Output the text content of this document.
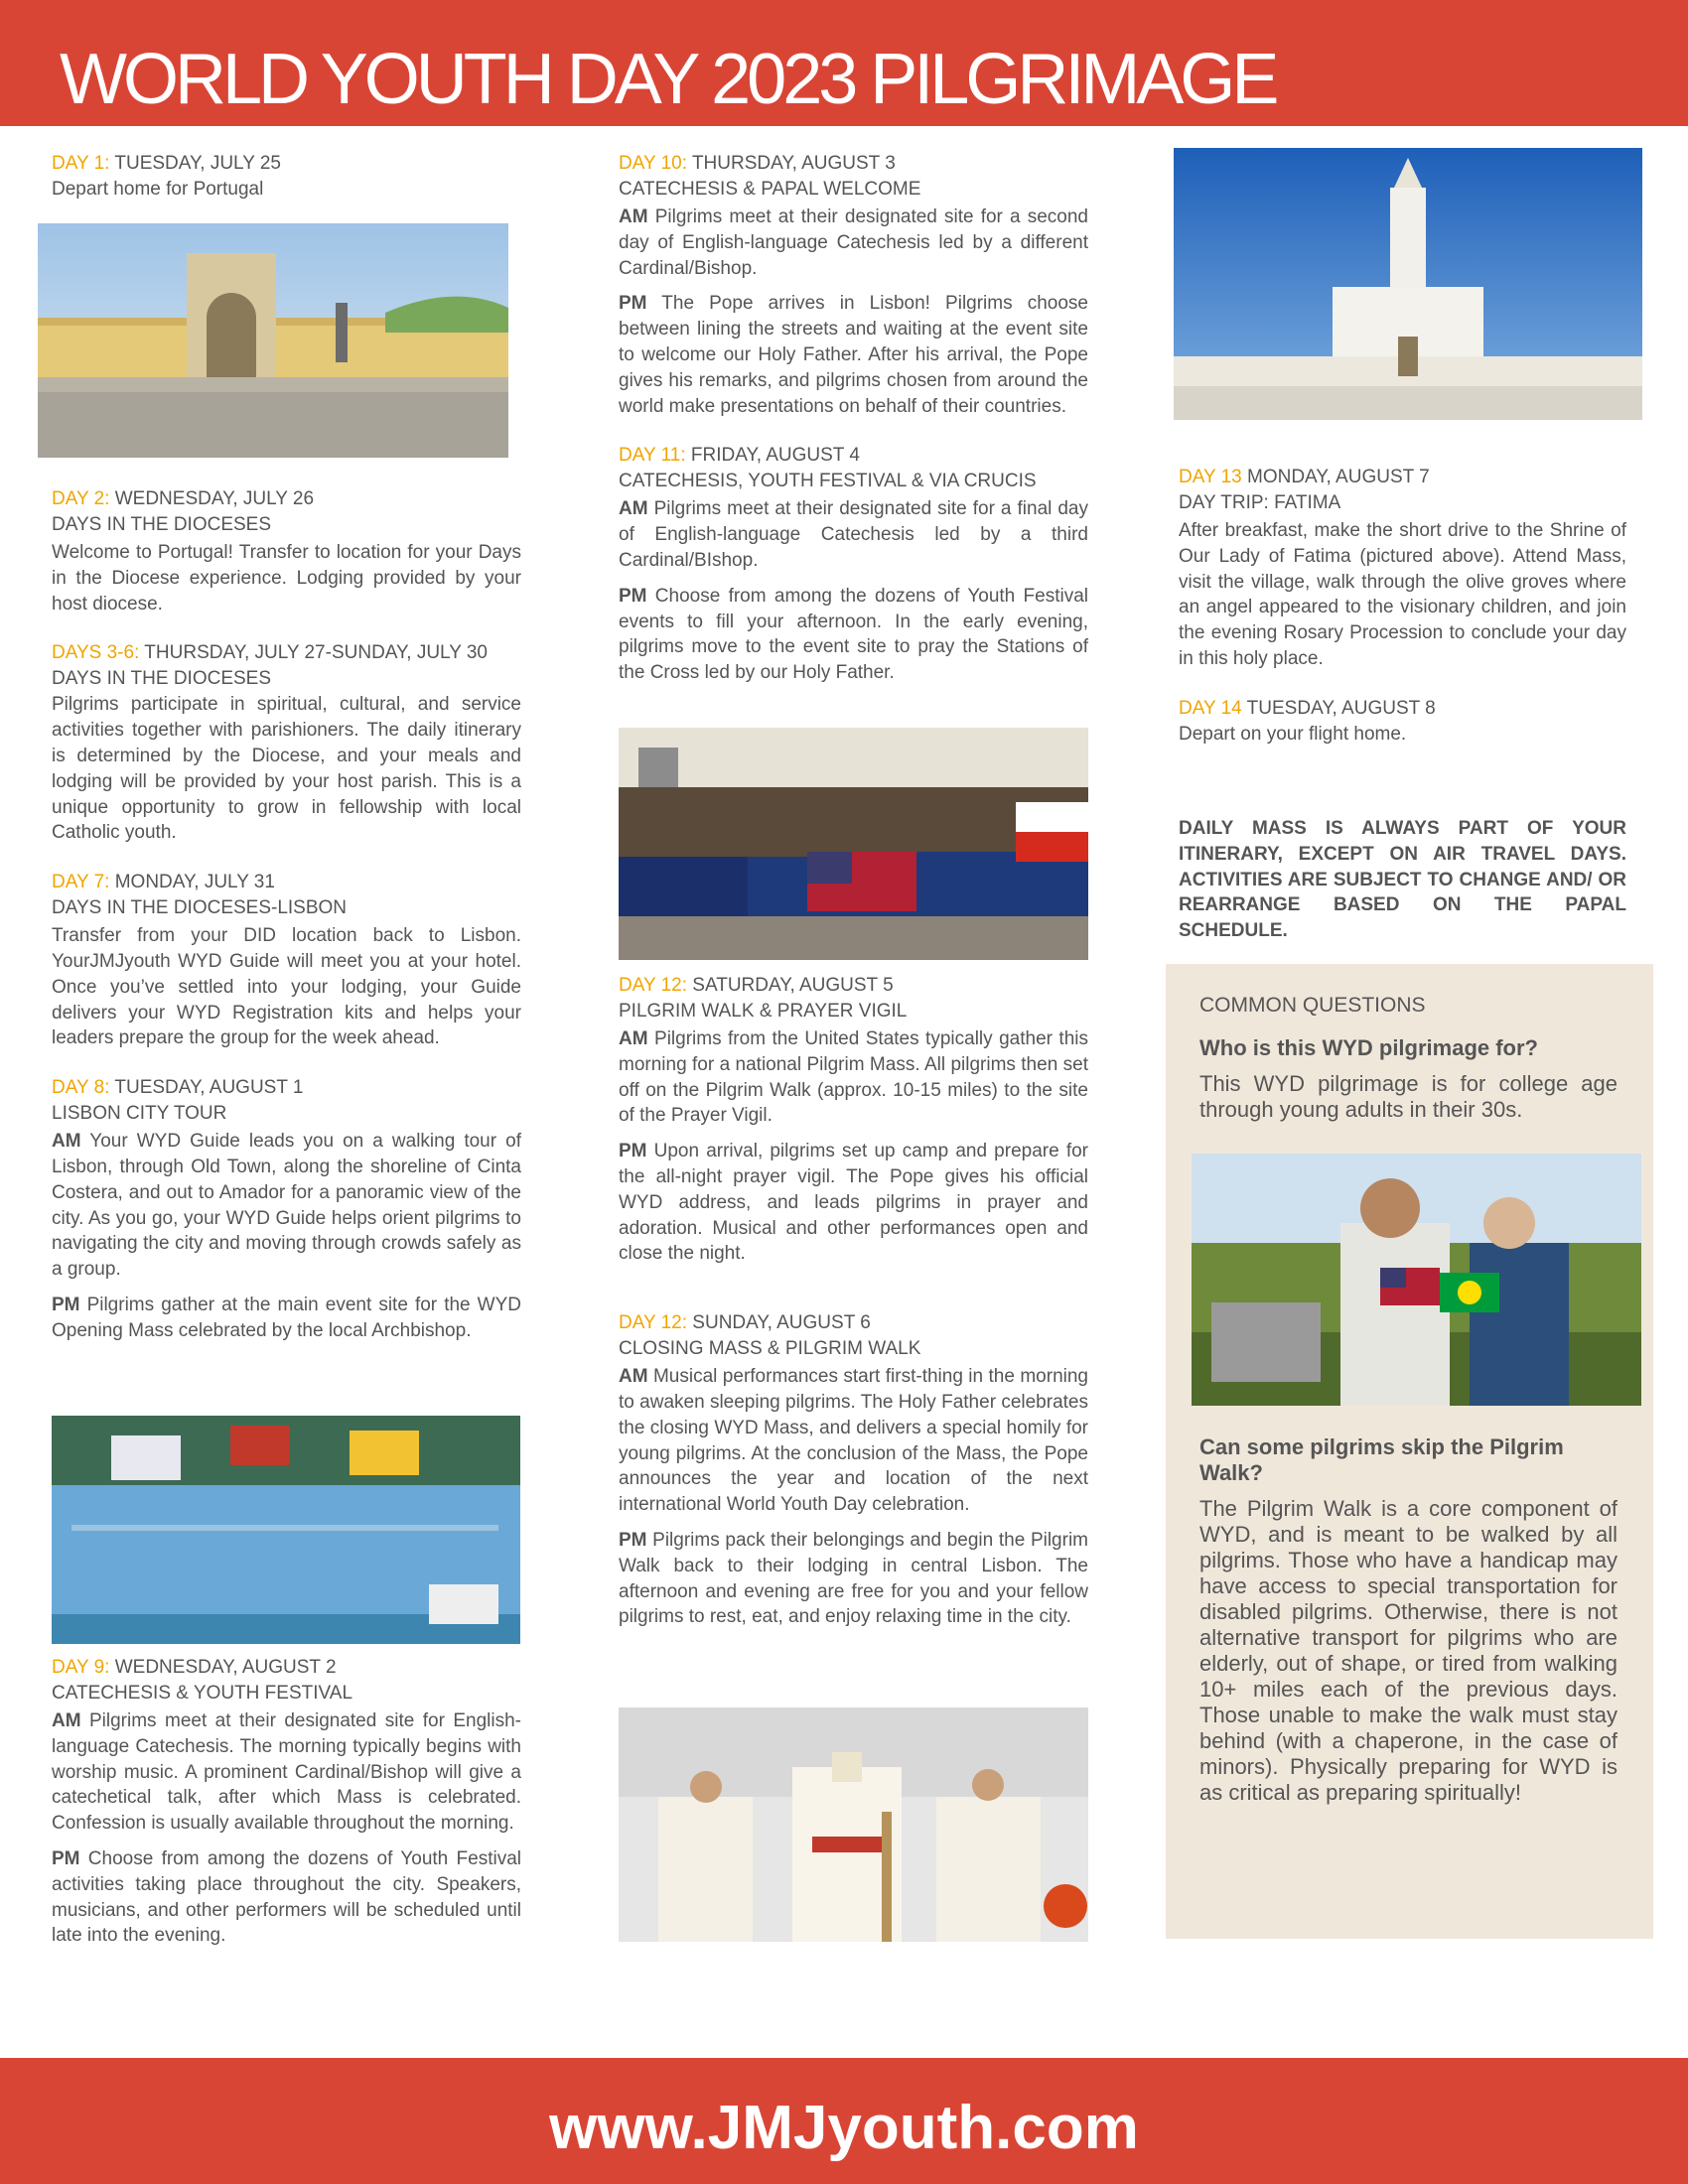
WORLD YOUTH DAY 2023 PILGRIMAGE

DAY 1: TUESDAY, JULY 25

Depart home for Portugal

DAY 2: WEDNESDAY, JULY 26

DAYS IN THE DIOCESES

Welcome to Portugal! Transfer to location for your Days in the Diocese experience. Lodging provided by your host diocese.

DAYS 3-6: THURSDAY, JULY 27-SUNDAY, JULY 30

DAYS IN THE DIOCESES

Pilgrims participate in spiritual, cultural, and service activities together with parishioners. The daily itinerary is determined by the Diocese, and your meals and lodging will be provided by your host parish. This is a unique opportunity to grow in fellowship with local Catholic youth.

DAY 7: MONDAY, JULY 31

DAYS IN THE DIOCESES-LISBON

Transfer from your DID location back to Lisbon. YourJMJyouth WYD Guide will meet you at your hotel. Once you’ve settled into your lodging, your Guide delivers your WYD Registration kits and helps your leaders prepare the group for the week ahead.

DAY 8: TUESDAY, AUGUST 1

LISBON CITY TOUR

AM Your WYD Guide leads you on a walking tour of Lisbon, through Old Town, along the shoreline of Cinta Costera, and out to Amador for a panoramic view of the city. As you go, your WYD Guide helps orient pilgrims to navigating the city and moving through crowds safely as a group.

PM Pilgrims gather at the main event site for the WYD Opening Mass celebrated by the local Archbishop.

DAY 9: WEDNESDAY, AUGUST 2

CATECHESIS & YOUTH FESTIVAL

AM Pilgrims meet at their designated site for English-language Catechesis. The morning typically begins with worship music. A prominent Cardinal/Bishop will give a catechetical talk, after which Mass is celebrated. Confession is usually available throughout the morning.

PM Choose from among the dozens of Youth Festival activities taking place throughout the city. Speakers, musicians, and other performers will be scheduled until late into the evening.

DAY 10: THURSDAY, AUGUST 3

CATECHESIS & PAPAL WELCOME

AM Pilgrims meet at their designated site for a second day of English-language Catechesis led by a different Cardinal/Bishop.

PM The Pope arrives in Lisbon! Pilgrims choose between lining the streets and waiting at the event site to welcome our Holy Father. After his arrival, the Pope gives his remarks, and pilgrims chosen from around the world make presentations on behalf of their countries.

DAY 11: FRIDAY, AUGUST 4

CATECHESIS, YOUTH FESTIVAL & VIA CRUCIS

AM Pilgrims meet at their designated site for a final day of English-language Catechesis led by a third Cardinal/BIshop.

PM Choose from among the dozens of Youth Festival events to fill your afternoon. In the early evening, pilgrims move to the event site to pray the Stations of the Cross led by our Holy Father.

DAY 12: SATURDAY, AUGUST 5

PILGRIM WALK & PRAYER VIGIL

AM Pilgrims from the United States typically gather this morning for a national Pilgrim Mass. All pilgrims then set off on the Pilgrim Walk (approx. 10-15 miles) to the site of the Prayer Vigil.

PM Upon arrival, pilgrims set up camp and prepare for the all-night prayer vigil. The Pope gives his official WYD address, and leads pilgrims in prayer and adoration. Musical and other performances open and close the night.

DAY 12: SUNDAY, AUGUST 6

CLOSING MASS & PILGRIM WALK

AM Musical performances start first-thing in the morning to awaken sleeping pilgrims. The Holy Father celebrates the closing WYD Mass, and delivers a special homily for young pilgrims. At the conclusion of the Mass, the Pope announces the year and location of the next international World Youth Day celebration.

PM Pilgrims pack their belongings and begin the Pilgrim Walk back to their lodging in central Lisbon. The afternoon and evening are free for you and your fellow pilgrims to rest, eat, and enjoy relaxing time in the city.

DAY 13 MONDAY, AUGUST 7

DAY TRIP: FATIMA

After breakfast, make the short drive to the Shrine of Our Lady of Fatima (pictured above). Attend Mass, visit the village, walk through the olive groves where an angel appeared to the visionary children, and join the evening Rosary Procession to conclude your day in this holy place.

DAY 14 TUESDAY, AUGUST 8

Depart on your flight home.

DAILY MASS IS ALWAYS PART OF YOUR ITINERARY, EXCEPT ON AIR TRAVEL DAYS. ACTIVITIES ARE SUBJECT TO CHANGE AND/ OR REARRANGE BASED ON THE PAPAL SCHEDULE.

COMMON QUESTIONS

Who is this WYD pilgrimage for?

This WYD pilgrimage is for college age through young adults in their 30s.

Can some pilgrims skip the Pilgrim Walk?

The Pilgrim Walk is a core component of WYD, and is meant to be walked by all pilgrims. Those who have a handicap may have access to special transportation for disabled pilgrims. Otherwise, there is not alternative transport for pilgrims who are elderly, out of shape, or tired from walking 10+ miles each of the previous days. Those unable to make the walk must stay behind (with a chaperone, in the case of minors). Physically preparing for WYD is as critical as preparing spiritually!

www.JMJyouth.com
